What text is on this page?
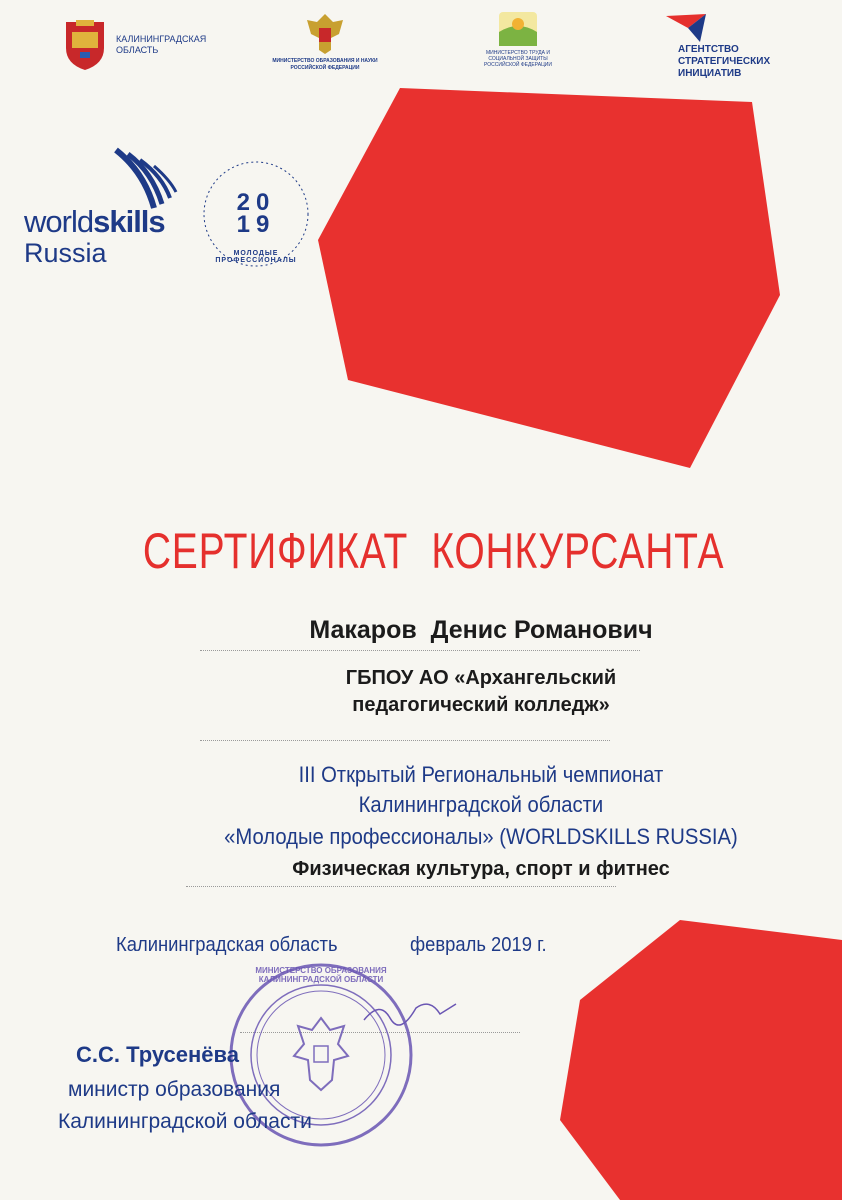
КАЛИНИНГРАДСКАЯ ОБЛАСТЬ
МИНИСТЕРСТВО ОБРАЗОВАНИЯ И НАУКИ РОССИЙСКОЙ ФЕДЕРАЦИИ
МИНИСТЕРСТВО ТРУДА И СОЦИАЛЬНОЙ ЗАЩИТЫ РОССИЙСКОЙ ФЕДЕРАЦИИ
АГЕНТСТВО СТРАТЕГИЧЕСКИХ ИНИЦИАТИВ
worldskills
Russia
2019
МОЛОДЫЕ ПРОФЕССИОНАЛЫ
СЕРТИФИКАТ  КОНКУРСАНТА
Макаров  Денис Романович
ГБПОУ АО «Архангельский
педагогический колледж»
III Открытый Региональный чемпионат
Калининградской области
«Молодые профессионалы» (WORLDSKILLS RUSSIA)
Физическая культура, спорт и фитнес
Калининградская область	февраль 2019 г.
МИНИСТЕРСТВО ОБРАЗОВАНИЯ КАЛИНИНГРАДСКОЙ ОБЛАСТИ
С.С. Трусенёва
министр образования
Калининградской области
